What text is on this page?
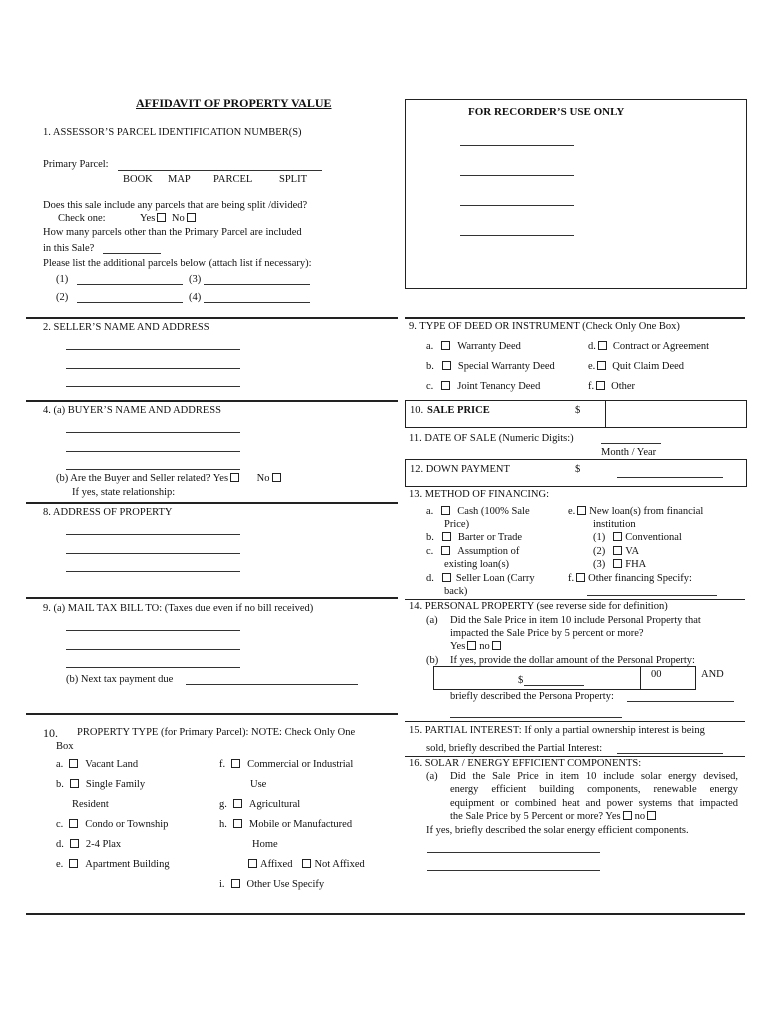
AFFIDAVIT OF PROPERTY VALUE
FOR RECORDER’S USE ONLY
1. ASSESSOR’S PARCEL IDENTIFICATION NUMBER(S)
Primary Parcel:
BOOK MAP PARCEL	SPLIT
Does this sale include any parcels that are being split /divided?
Check one:	Yes No
How many parcels other than the Primary Parcel are included
in this Sale?
Please list the additional parcels below (attach list if necessary):
(1)	(3)
(2)	(4)
2. SELLER’S NAME AND ADDRESS
4. (a) BUYER’S NAME AND ADDRESS
(b) Are the Buyer and Seller related? Yes	No
If yes, state relationship:
8. ADDRESS OF PROPERTY
9. (a) MAIL TAX BILL TO: (Taxes due even if no bill received)
(b) Next tax payment due
10. PROPERTY TYPE (for Primary Parcel): NOTE: Check Only One
Box
a. Vacant Land
b. Single Family
Resident
c. Condo or Township
d. 2-4 Plax
e. Apartment Building
f. Commercial or Industrial
Use
g. Agricultural
h. Mobile or Manufactured
Home
Affixed Not Affixed
i. Other Use Specify
9. TYPE OF DEED OR INSTRUMENT (Check Only One Box)
a. Warranty Deed
b. Special Warranty Deed
c. Joint Tenancy Deed
d. Contract or Agreement
e. Quit Claim Deed
f. Other
10. SALE PRICE	$
11. DATE OF SALE (Numeric Digits:)
Month / Year
12. DOWN PAYMENT	$
13. METHOD OF FINANCING:
a. Cash (100% Sale
Price)
b. Barter or Trade
c. Assumption of
existing loan(s)
d. Seller Loan (Carry
back)
e. New loan(s) from financial
institution
(1) Conventional
(2) VA
(3) FHA
f. Other financing Specify:
14. PERSONAL PROPERTY (see reverse side for definition)
(a) Did the Sale Price in item 10 include Personal Property that
impacted the Sale Price by 5 percent or more?
Yes no
(b) If yes, provide the dollar amount of the Personal Property:
$
00	AND
briefly described the Persona Property:
15. PARTIAL INTEREST: If only a partial ownership interest is being
sold, briefly described the Partial Interest:
16. SOLAR / ENERGY EFFICIENT COMPONENTS:
(a) Did the Sale Price in item 10 include solar energy devised,
energy efficient building components, renewable energy
equipment or combined heat and power systems that impacted
the Sale Price by 5 Percent or more? Yes no
If yes, briefly described the solar energy efficient components.
